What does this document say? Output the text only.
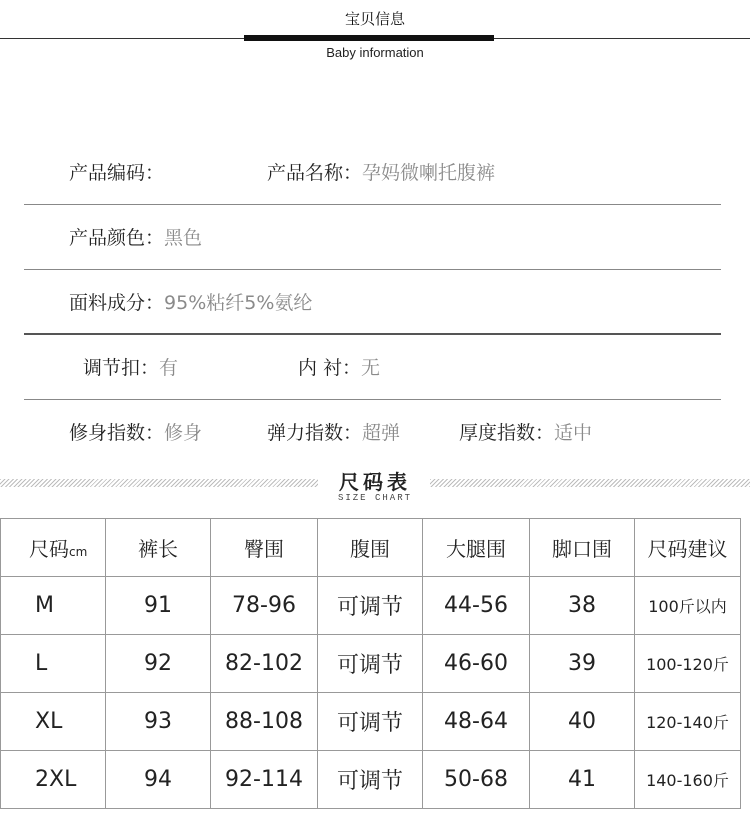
宝贝信息
Baby information
产品编码：	产品名称：孕妈微喇托腹裤
产品颜色：黑色
面料成分：95%粘纤5%氨纶
调节扣：有	内 衬：无
修身指数：修身	弹力指数：超弹	厚度指数：适中
尺码表
SIZE CHART
尺码cm	裤长	臀围	腹围	大腿围	脚口围	尺码建议
M	91	78-96	可调节	44-56	38	100斤以内
L	92	82-102	可调节	46-60	39	100-120斤
XL	93	88-108	可调节	48-64	40	120-140斤
2XL	94	92-114	可调节	50-68	41	140-160斤
